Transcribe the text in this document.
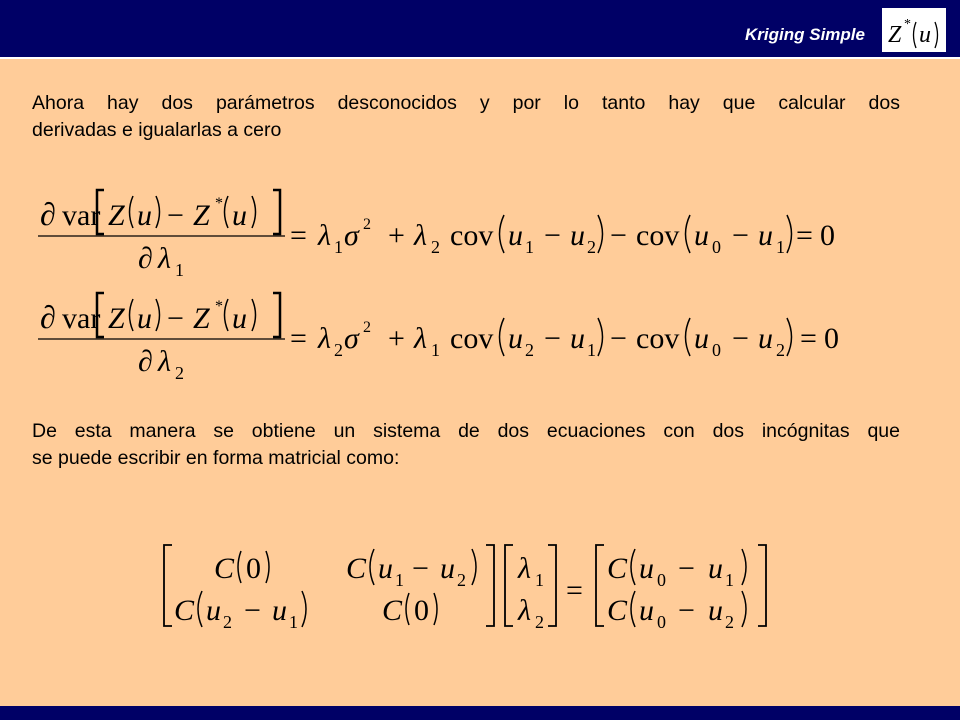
Kriging Simple Z * u
Ahora hay dos parámetros desconocidos y por lo tanto hay que calcular dos
derivadas e igualarlas a cero
De esta manera se obtiene un sistema de dos ecuaciones con dos incógnitas que
se puede escribir en forma matricial como:
∂ var Z u − Z * u
∂ λ 1
= λ 1 σ 2 + λ 2 cov u 1 − u 2 − cov u 0 − u 1 = 0
∂ var Z u − Z * u
∂ λ 2
= λ 2 σ 2 + λ 1 cov u 2 − u 1 − cov u 0 − u 2 = 0
C 0	C u 1 − u 2
C u 2 − u 1	C 0
λ 1
λ 2
=
C u 0 − u 1
C u 0 − u 2
